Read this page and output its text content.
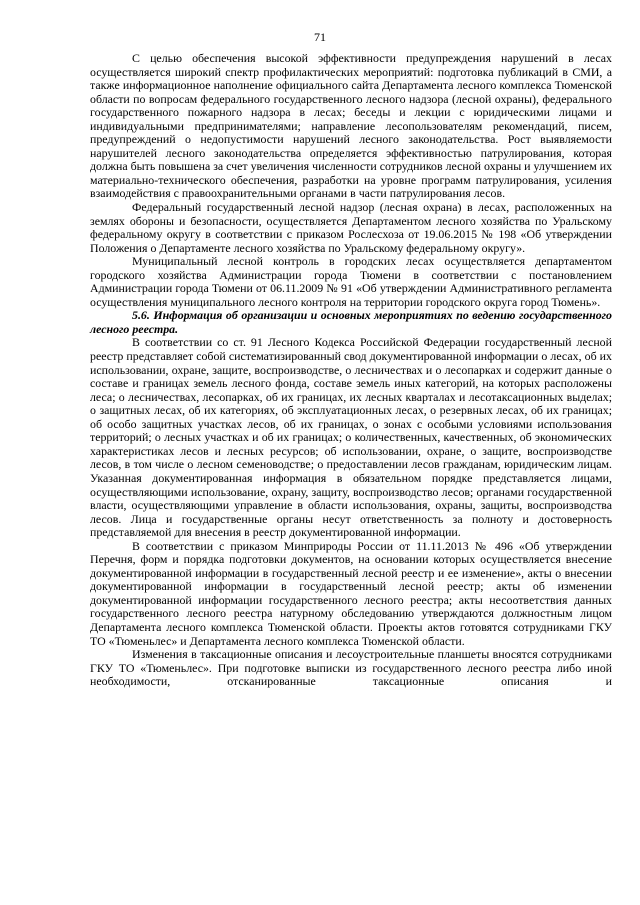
71

С целью обеспечения высокой эффективности предупреждения нарушений в лесах осуществляется широкий спектр профилактических мероприятий: подготовка публикаций в СМИ, а также информационное наполнение официального сайта Департамента лесного комплекса Тюменской области по вопросам федерального государственного лесного надзора (лесной охраны), федерального государственного пожарного надзора в лесах; беседы и лекции с юридическими лицами и индивидуальными предпринимателями; направление лесопользователям рекомендаций, писем, предупреждений о недопустимости нарушений лесного законодательства. Рост выявляемости нарушителей лесного законодательства определяется эффективностью патрулирования, которая должна быть повышена за счет увеличения численности сотрудников лесной охраны и улучшением их материально-технического обеспечения, разработки на уровне программ патрулирования, усиления взаимодействия с правоохранительными органами в части патрулирования лесов.

Федеральный государственный лесной надзор (лесная охрана) в лесах, расположенных на землях обороны и безопасности, осуществляется Департаментом лесного хозяйства по Уральскому федеральному округу в соответствии с приказом Рослесхоза от 19.06.2015 № 198 «Об утверждении Положения о Департаменте лесного хозяйства по Уральскому федеральному округу».

Муниципальный лесной контроль в городских лесах осуществляется департаментом городского хозяйства Администрации города Тюмени в соответствии с постановлением Администрации города Тюмени от 06.11.2009 № 91 «Об утверждении Административного регламента осуществления муниципального лесного контроля на территории городского округа город Тюмень».

5.6. Информация об организации и основных мероприятиях по ведению государственного лесного реестра.

В соответствии со ст. 91 Лесного Кодекса Российской Федерации государственный лесной реестр представляет собой систематизированный свод документированной информации о лесах, об их использовании, охране, защите, воспроизводстве, о лесничествах и о лесопарках и содержит данные о составе и границах земель лесного фонда, составе земель иных категорий, на которых расположены леса; о лесничествах, лесопарках, об их границах, их лесных кварталах и лесотаксационных выделах; о защитных лесах, об их категориях, об эксплуатационных лесах, о резервных лесах, об их границах; об особо защитных участках лесов, об их границах, о зонах с особыми условиями использования территорий; о лесных участках и об их границах; о количественных, качественных, об экономических характеристиках лесов и лесных ресурсов; об использовании, охране, о защите, воспроизводстве лесов, в том числе о лесном семеноводстве; о предоставлении лесов гражданам, юридическим лицам. Указанная документированная информация в обязательном порядке представляется лицами, осуществляющими использование, охрану, защиту, воспроизводство лесов; органами государственной власти, осуществляющими управление в области использования, охраны, защиты, воспроизводства лесов. Лица и государственные органы несут ответственность за полноту и достоверность представляемой для внесения в реестр документированной информации.

В соответствии с приказом Минприроды России от 11.11.2013 № 496 «Об утверждении Перечня, форм и порядка подготовки документов, на основании которых осуществляется внесение документированной информации в государственный лесной реестр и ее изменение», акты о внесении документированной информации в государственный лесной реестр; акты об изменении документированной информации государственного лесного реестра; акты несоответствия данных государственного лесного реестра натурному обследованию утверждаются должностным лицом Департамента лесного комплекса Тюменской области. Проекты актов готовятся сотрудниками ГКУ ТО «Тюменьлес» и Департамента лесного комплекса Тюменской области.

Изменения в таксационные описания и лесоустроительные планшеты вносятся сотрудниками ГКУ ТО «Тюменьлес». При подготовке выписки из государственного лесного реестра либо иной необходимости, отсканированные таксационные описания и
